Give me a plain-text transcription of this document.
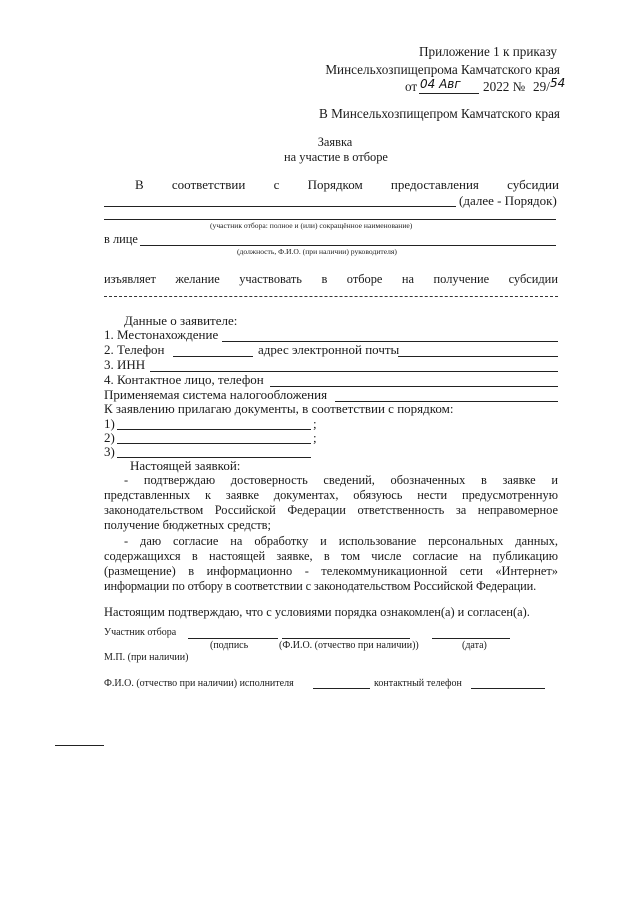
Приложение 1 к приказу
Минсельхозпищепрома Камчатского края
от 04 Авг 2022 № 29/ 54
В Минсельхозпищепром Камчатского края
Заявка
на участие в отборе
В соответствии с Порядком предоставления субсидии
(далее - Порядок)
(участник отбора: полное и (или) сокращённое наименование)
в лице
(должность, Ф.И.О. (при наличии) руководителя)
изъявляет желание участвовать в отборе на получение субсидии
Данные о заявителе:
1. Местонахождение
2. Телефон	адрес электронной почты
3. ИНН
4. Контактное лицо, телефон
Применяемая система налогообложения
К заявлению прилагаю документы, в соответствии с порядком:
1)	;
2)	;
3)
Настоящей заявкой:
- подтверждаю достоверность сведений, обозначенных в заявке и
представленных к заявке документах, обязуюсь нести предусмотренную
законодательством Российской Федерации ответственность за неправомерное
получение бюджетных средств;
- даю согласие на обработку и использование персональных данных,
содержащихся в настоящей заявке, в том числе согласие на публикацию
(размещение) в информационно - телекоммуникационной сети «Интернет»
информации по отбору в соответствии с законодательством Российской Федерации.
Настоящим подтверждаю, что с условиями порядка ознакомлен(а) и согласен(а).
Участник отбора
(подпись	(Ф.И.О. (отчество при наличии))	(дата)
М.П. (при наличии)
Ф.И.О. (отчество при наличии) исполнителя	контактный телефон
